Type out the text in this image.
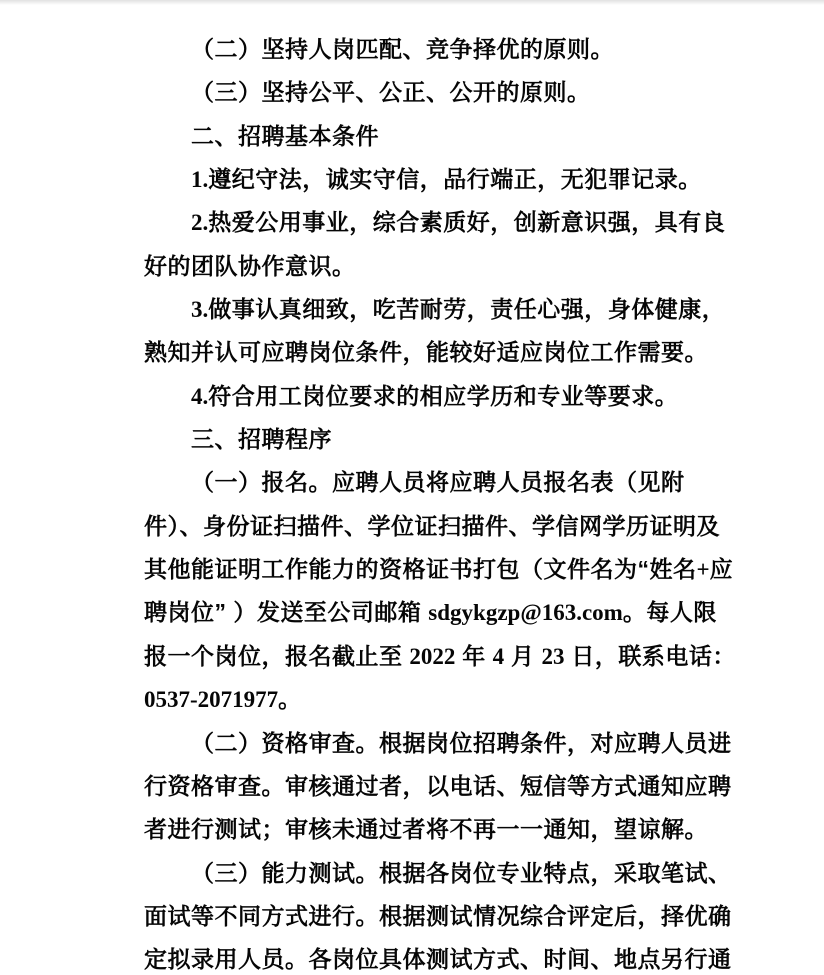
（二）坚持人岗匹配、竞争择优的原则。

（三）坚持公平、公正、公开的原则。

二、招聘基本条件

1.遵纪守法，诚实守信，品行端正，无犯罪记录。

2.热爱公用事业，综合素质好，创新意识强，具有良

好的团队协作意识。

3.做事认真细致，吃苦耐劳，责任心强，身体健康，

熟知并认可应聘岗位条件，能较好适应岗位工作需要。

4.符合用工岗位要求的相应学历和专业等要求。

三、招聘程序

（一）报名。应聘人员将应聘人员报名表（见附

件）、身份证扫描件、学位证扫描件、学信网学历证明及

其他能证明工作能力的资格证书打包（文件名为“姓名+应

聘岗位” ）发送至公司邮箱 sdgykgzp@163.com。每人限

报一个岗位，报名截止至 2022 年 4 月 23 日，联系电话：

0537-2071977。

（二）资格审查。根据岗位招聘条件，对应聘人员进

行资格审查。审核通过者，以电话、短信等方式通知应聘

者进行测试；审核未通过者将不再一一通知，望谅解。

（三）能力测试。根据各岗位专业特点，采取笔试、

面试等不同方式进行。根据测试情况综合评定后，择优确

定拟录用人员。各岗位具体测试方式、时间、地点另行通
